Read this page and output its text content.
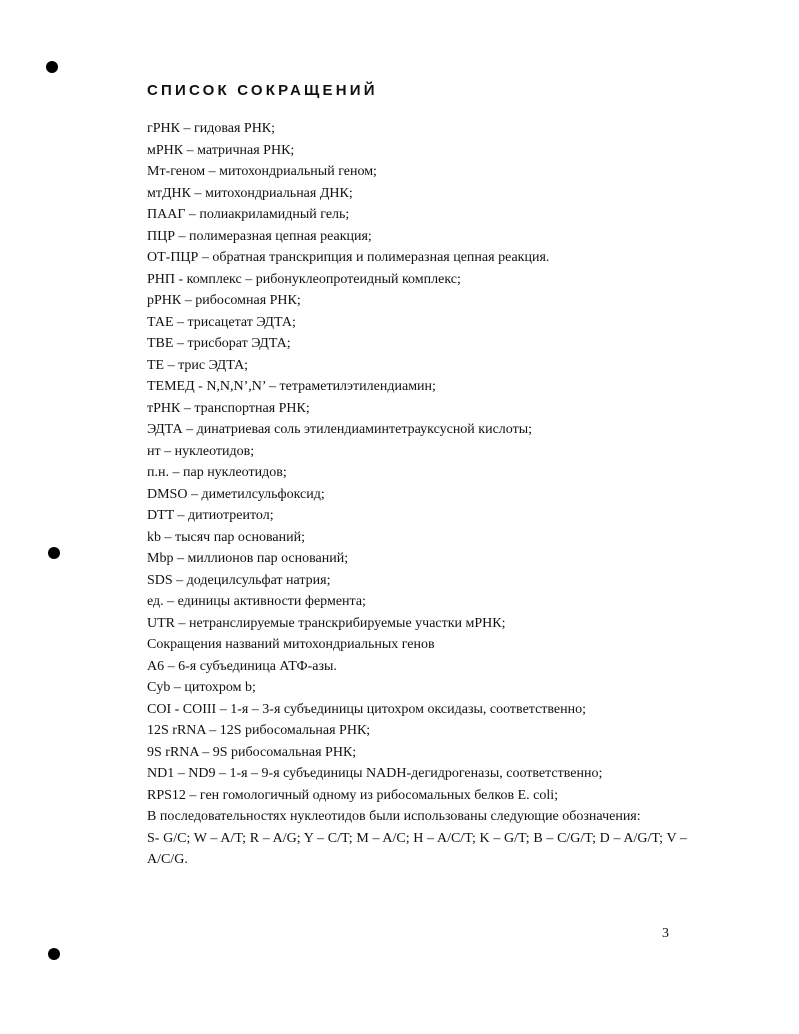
СПИСОК СОКРАЩЕНИЙ
гРНК – гидовая РНК;
мРНК – матричная РНК;
Мт-геном – митохондриальный геном;
мтДНК – митохондриальная ДНК;
ПААГ – полиакриламидный гель;
ПЦР – полимеразная цепная реакция;
ОТ-ПЦР – обратная транскрипция и полимеразная цепная реакция.
РНП - комплекс – рибонуклеопротеидный комплекс;
рРНК – рибосомная РНК;
ТАЕ – трисацетат ЭДТА;
ТВЕ – трисборат ЭДТА;
ТЕ – трис ЭДТА;
ТЕМЕД - N,N,N’,N’ – тетраметилэтилендиамин;
тРНК – транспортная РНК;
ЭДТА – динатриевая соль этилендиаминтетрауксусной кислоты;
нт – нуклеотидов;
п.н. – пар нуклеотидов;
DMSO – диметилсульфоксид;
DTT – дитиотреитол;
kb – тысяч пар оснований;
Mbp – миллионов пар оснований;
SDS – додецилсульфат натрия;
ед. – единицы активности фермента;
UTR – нетранслируемые транскрибируемые участки мРНК;
Сокращения названий митохондриальных генов
A6 – 6-я субъединица АТФ-азы.
Cyb – цитохром b;
COI - COIII – 1-я – 3-я субъединицы цитохром оксидазы, соответственно;
12S rRNA – 12S рибосомальная РНК;
9S rRNA – 9S рибосомальная РНК;
ND1 – ND9 – 1-я – 9-я субъединицы NADH-дегидрогеназы, соответственно;
RPS12 – ген гомологичный одному из рибосомальных белков E. coli;
В последовательностях нуклеотидов были использованы следующие обозначения:
S- G/C; W – A/T; R – A/G; Y – C/T; M – A/C; H – A/C/T; K – G/T; B – C/G/T; D – A/G/T; V – A/C/G.
3
